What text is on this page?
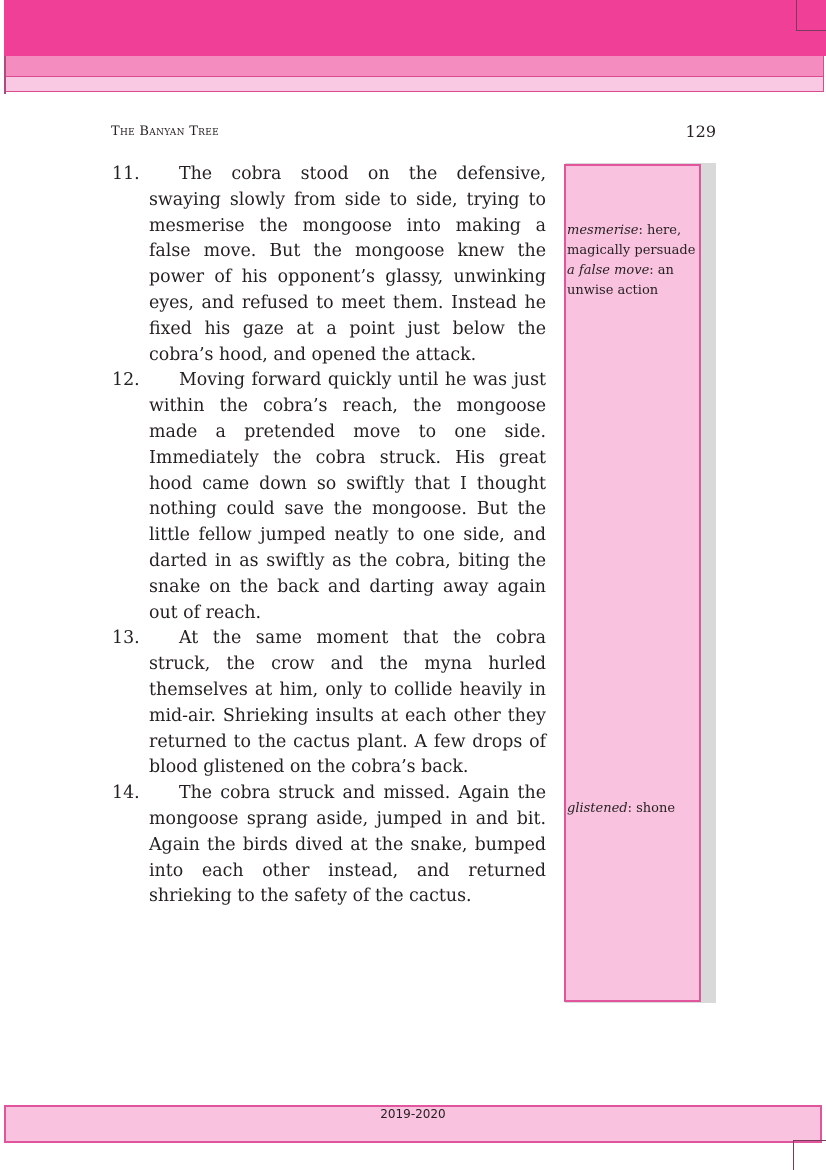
The Banyan Tree	129
11.	The cobra stood on the defensive, swaying slowly from side to side, trying to mesmerise the mongoose into making a false move. But the mongoose knew the power of his opponent’s glassy, unwinking eyes, and refused to meet them. Instead he fixed his gaze at a point just below the cobra’s hood, and opened the attack.
12.	Moving forward quickly until he was just within the cobra’s reach, the mongoose made a pretended move to one side. Immediately the cobra struck. His great hood came down so swiftly that I thought nothing could save the mongoose. But the little fellow jumped neatly to one side, and darted in as swiftly as the cobra, biting the snake on the back and darting away again out of reach.
13.	At the same moment that the cobra struck, the crow and the myna hurled themselves at him, only to collide heavily in mid-air. Shrieking insults at each other they returned to the cactus plant. A few drops of blood glistened on the cobra’s back.
14.	The cobra struck and missed. Again the mongoose sprang aside, jumped in and bit. Again the birds dived at the snake, bumped into each other instead, and returned shrieking to the safety of the cactus.
mesmerise: here, magically persuade
a false move: an unwise action
glistened: shone
2019-2020
